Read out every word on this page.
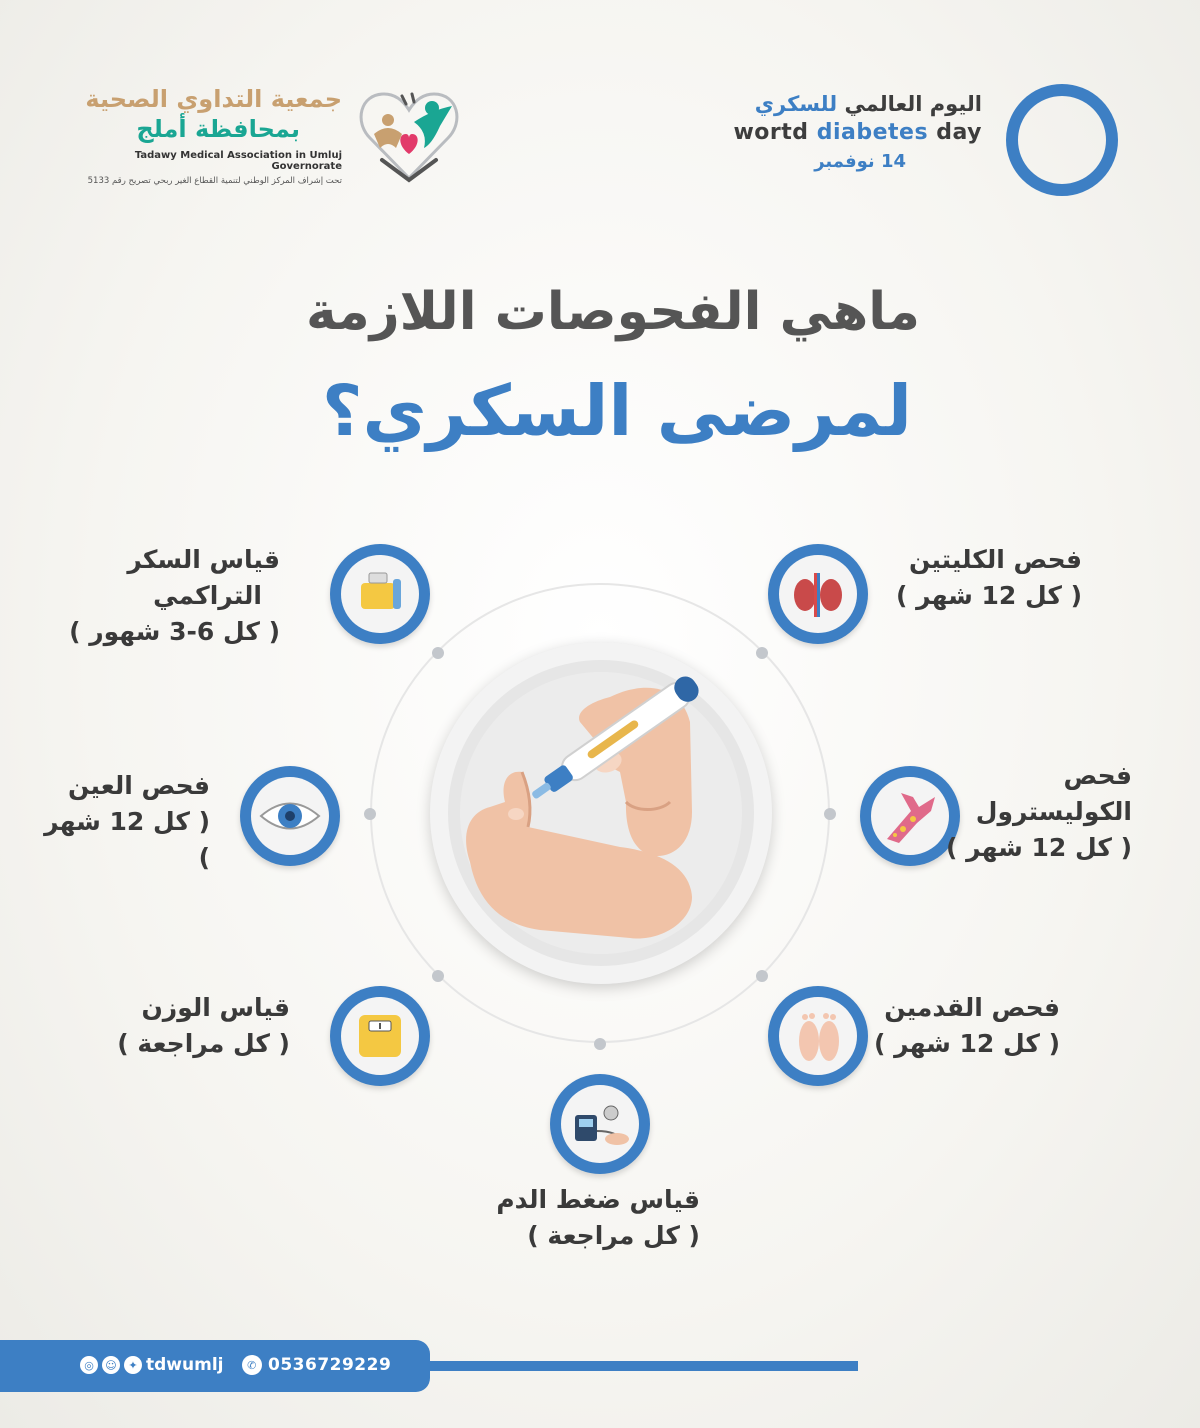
اليوم العالمي للسكري
wortd diabetes day
14 نوفمبر
جمعية التداوي الصحية
بمحافظة أملج
Tadawy Medical Association in Umluj Governorate
تحت إشراف المركز الوطني لتنمية القطاع الغير ربحي تصريح رقم 5133
ماهي الفحوصات اللازمة
لمرضى السكري؟
قياس السكر
التراكمي
( كل 6-3 شهور )
فحص الكليتين
( كل 12 شهر )
فحص العين
( كل 12 شهر )
فحص
الكوليسترول
( كل 12 شهر )
قياس الوزن
( كل مراجعة )
فحص القدمين
( كل 12 شهر )
قياس ضغط الدم
( كل مراجعة )
◎	☺	✦ tdwumlj	✆ 0536729229
